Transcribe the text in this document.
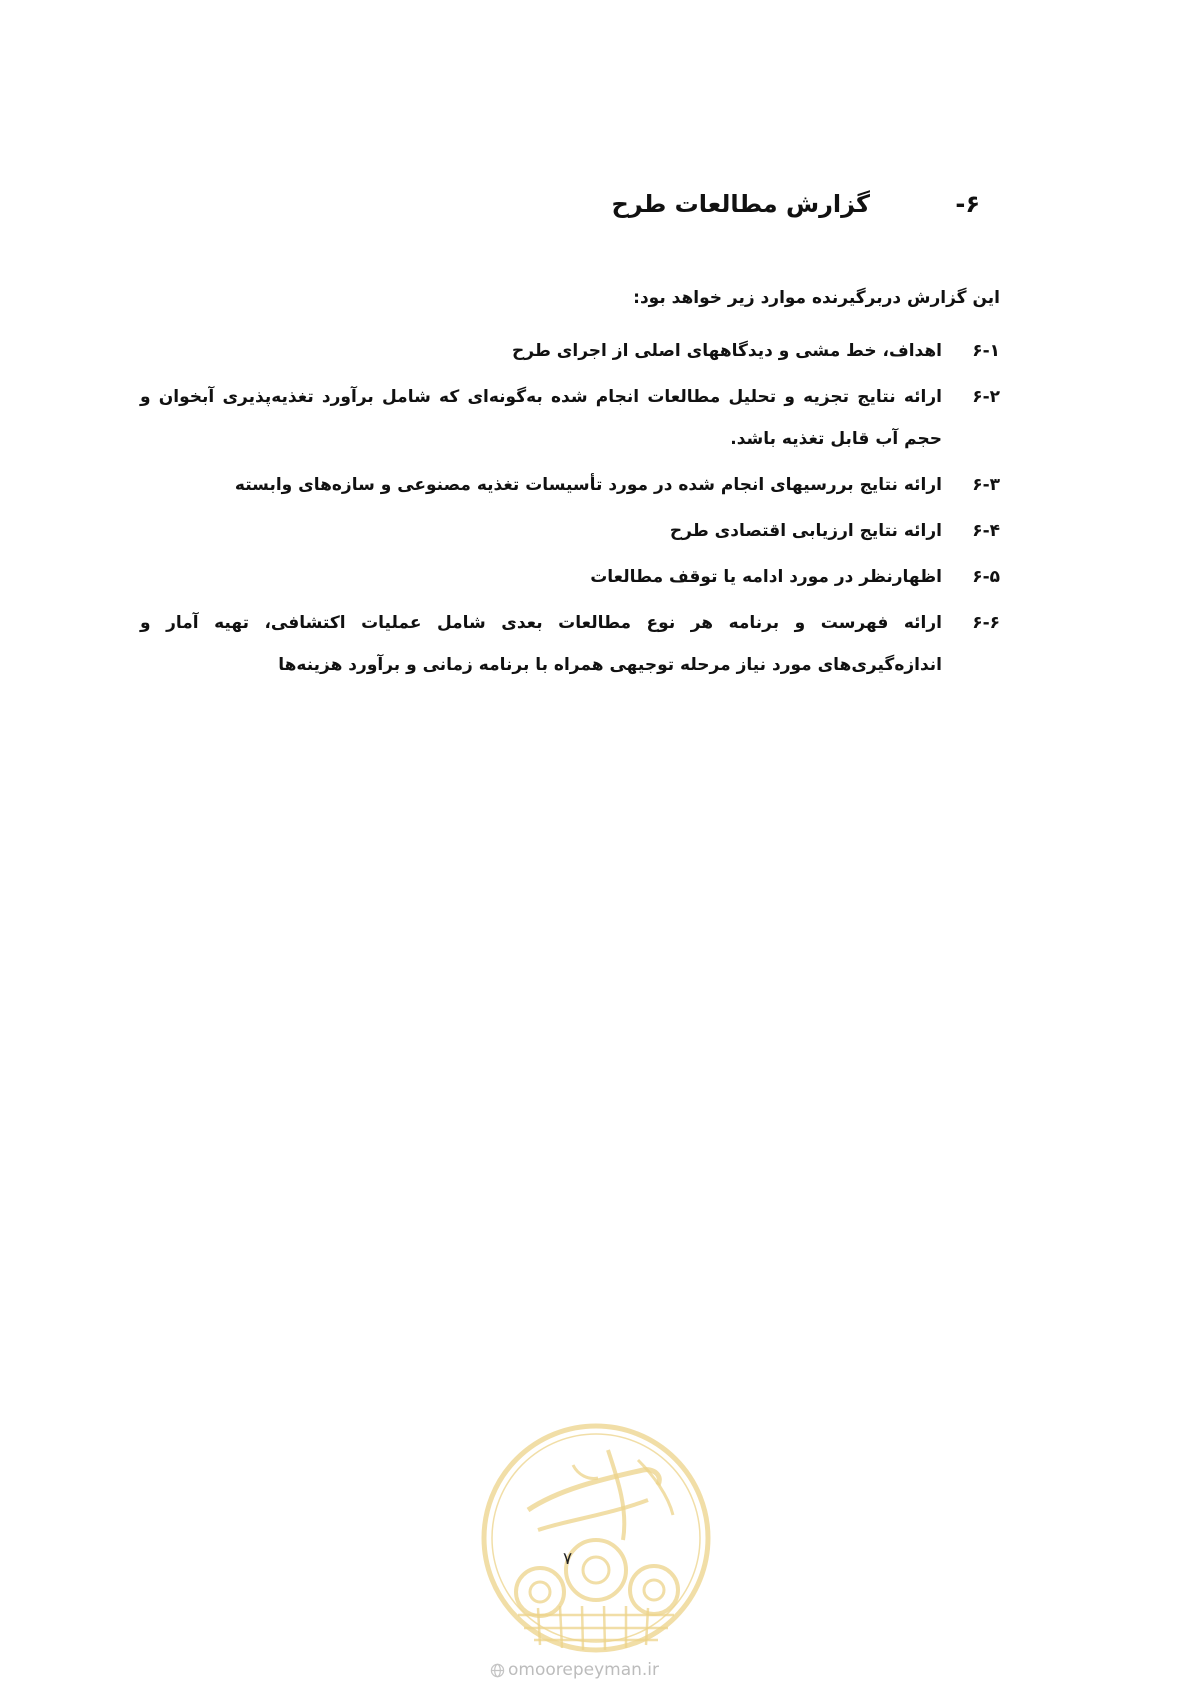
۶-
گزارش مطالعات طرح
این گزارش دربرگیرنده موارد زیر خواهد بود:
۶-۱
اهداف، خط مشی و دیدگاههای اصلی از اجرای طرح
۶-۲
ارائه نتایج تجزیه و تحلیل مطالعات انجام شده به‌گونه‌ای که شامل برآورد تغذیه‌پذیری آبخوان و حجم آب قابل تغذیه باشد.
۶-۳
ارائه نتایج بررسیهای انجام شده در مورد تأسیسات تغذیه مصنوعی و سازه‌های وابسته
۶-۴
ارائه نتایج ارزیابی اقتصادی طرح
۶-۵
اظهارنظر در مورد ادامه یا توقف مطالعات
۶-۶
ارائه فهرست و برنامه هر نوع مطالعات بعدی شامل عملیات اکتشافی، تهیه آمار و اندازه‌گیری‌های مورد نیاز مرحله توجیهی همراه با برنامه زمانی و برآورد هزینه‌ها
۷
omoorepeyman.ir
